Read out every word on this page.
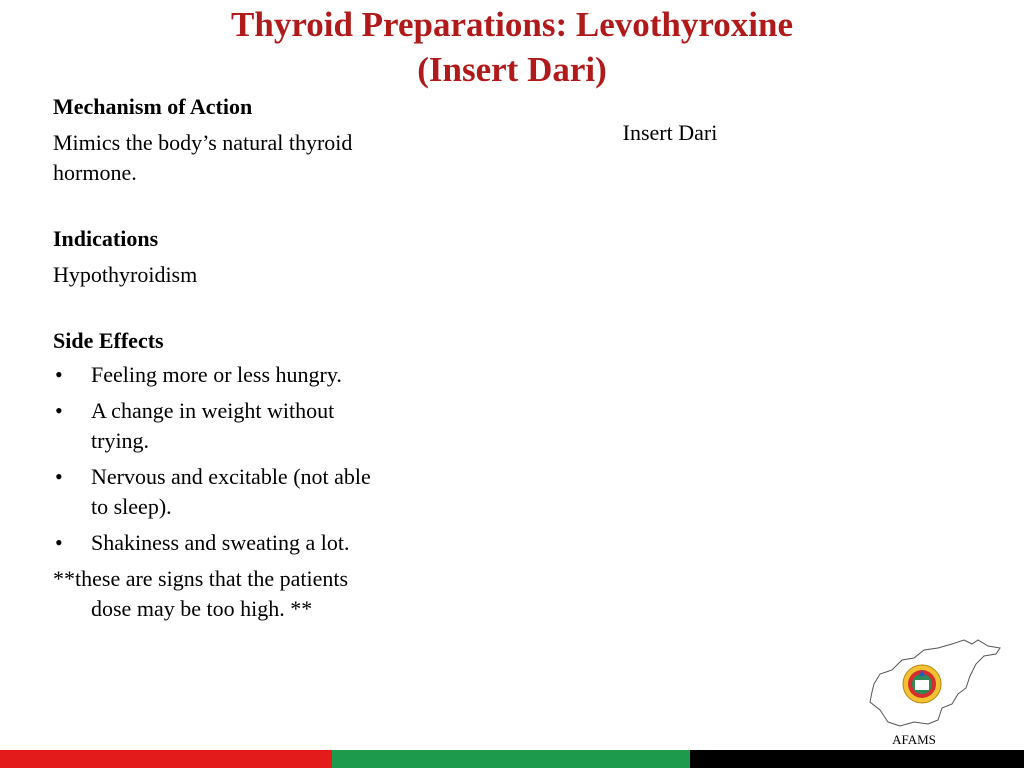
Thyroid Preparations: Levothyroxine
(Insert Dari)
Mechanism of Action
Mimics the body’s natural thyroid hormone.
Indications
Hypothyroidism
Side Effects
• Feeling more or less hungry.
• A change in weight without trying.
• Nervous and excitable (not able to sleep).
• Shakiness and sweating a lot.
**these are signs that the patients dose may be too high. **
Insert Dari
AFAMS
